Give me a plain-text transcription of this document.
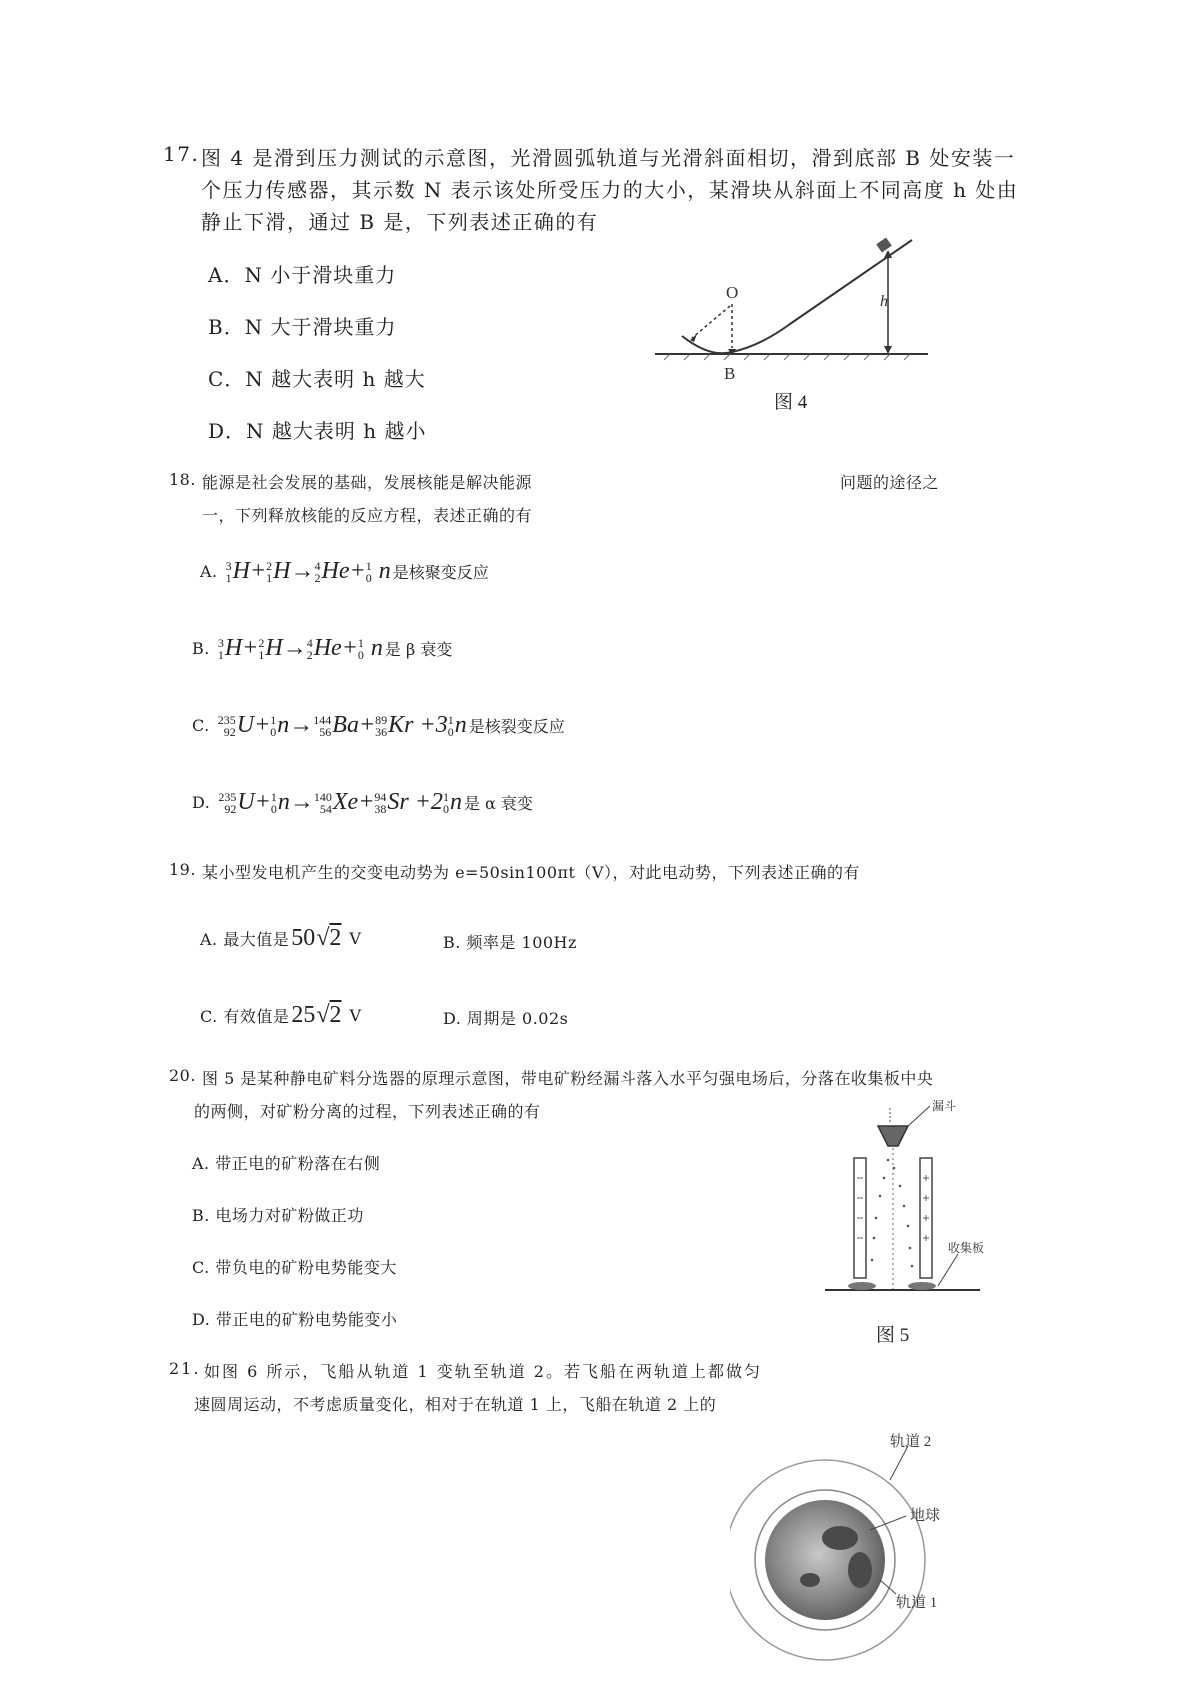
17. 图 4 是滑到压力测试的示意图，光滑圆弧轨道与光滑斜面相切，滑到底部 B 处安装一
个压力传感器，其示数 N 表示该处所受压力的大小，某滑块从斜面上不同高度 h 处由
静止下滑，通过 B 是，下列表述正确的有
A．N 小于滑块重力
B．N 大于滑块重力
C．N 越大表明 h 越大
D．N 越大表明 h 越小
O
B
h
图 4
18. 能源是社会发展的基础，发展核能是解决能源	问题的途径之
一，下列释放核能的反应方程，表述正确的有
A. 3
1 H+ 2
1 H→ 4
2 He+ 1
0 n 是核聚变反应
B. 3
1 H+ 2
1 H→ 4
2 He+ 1
0 n 是 β 衰变
C. 235
92 U+ 1
0 n→ 144
56 Ba+ 89
36 Kr +3 1
0 n 是核裂变反应
D. 235
92 U+ 1
0 n→ 140
54 Xe+ 94
38 Sr +2 1
0 n 是 α 衰变
19. 某小型发电机产生的交变电动势为 e=50sin100πt（V），对此电动势，下列表述正确的有
A. 最大值是 50 √2 V	B. 频率是 100Hz
C. 有效值是 25 √2 V	D. 周期是 0.02s
20. 图 5 是某种静电矿料分选器的原理示意图，带电矿粉经漏斗落入水平匀强电场后，分落在收集板中央
的两侧，对矿粉分离的过程，下列表述正确的有
A. 带正电的矿粉落在右侧
B. 电场力对矿粉做正功
C. 带负电的矿粉电势能变大
D. 带正电的矿粉电势能变小
漏斗
收集板
图 5
21. 如图 6 所示，飞船从轨道 1 变轨至轨道 2。若飞船在两轨道上都做匀
速圆周运动，不考虑质量变化，相对于在轨道 1 上，飞船在轨道 2 上的
轨道 2
地球
轨道 1
